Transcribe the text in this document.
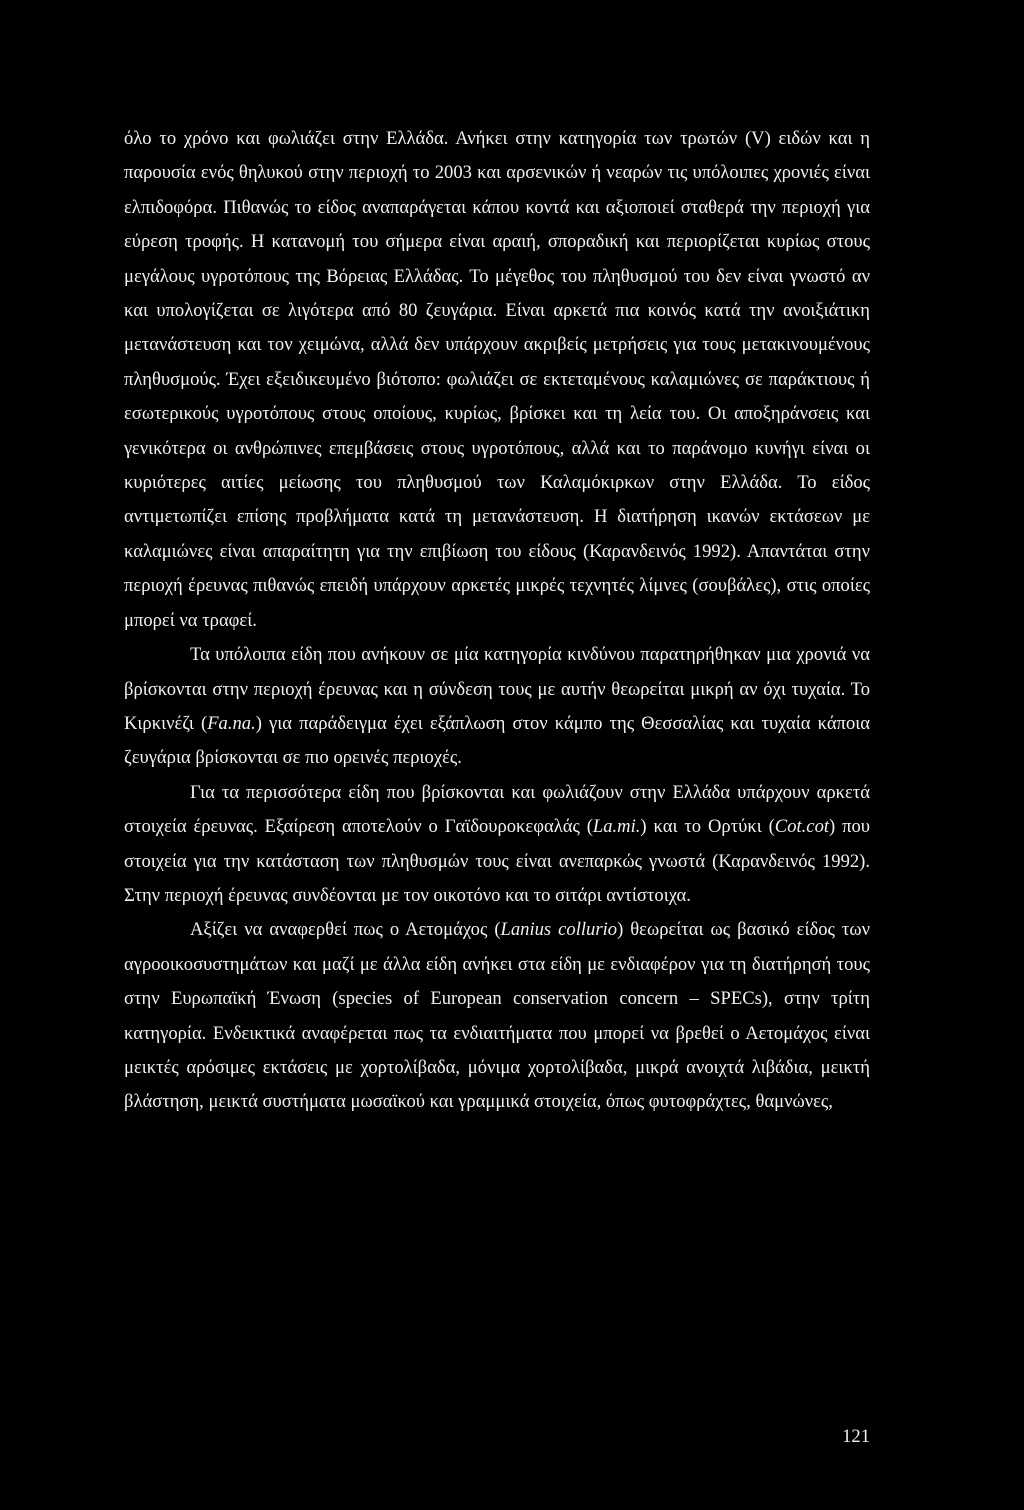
όλο το χρόνο και φωλιάζει στην Ελλάδα. Ανήκει στην κατηγορία των τρωτών (V) ειδών και η παρουσία ενός θηλυκού στην περιοχή το 2003 και αρσενικών ή νεαρών τις υπόλοιπες χρονιές είναι ελπιδοφόρα. Πιθανώς το είδος αναπαράγεται κάπου κοντά και αξιοποιεί σταθερά την περιοχή για εύρεση τροφής. Η κατανομή του σήμερα είναι αραιή, σποραδική και περιορίζεται κυρίως στους μεγάλους υγροτόπους της Βόρειας Ελλάδας. Το μέγεθος του πληθυσμού του δεν είναι γνωστό αν και υπολογίζεται σε λιγότερα από 80 ζευγάρια. Είναι αρκετά πια κοινός κατά την ανοιξιάτικη μετανάστευση και τον χειμώνα, αλλά δεν υπάρχουν ακριβείς μετρήσεις για τους μετακινουμένους πληθυσμούς. Έχει εξειδικευμένο βιότοπο: φωλιάζει σε εκτεταμένους καλαμιώνες σε παράκτιους ή εσωτερικούς υγροτόπους στους οποίους, κυρίως, βρίσκει και τη λεία του. Οι αποξηράνσεις και γενικότερα οι ανθρώπινες επεμβάσεις στους υγροτόπους, αλλά και το παράνομο κυνήγι είναι οι κυριότερες αιτίες μείωσης του πληθυσμού των Καλαμόκιρκων στην Ελλάδα. Το είδος αντιμετωπίζει επίσης προβλήματα κατά τη μετανάστευση. Η διατήρηση ικανών εκτάσεων με καλαμιώνες είναι απαραίτητη για την επιβίωση του είδους (Καρανδεινός 1992). Απαντάται στην περιοχή έρευνας πιθανώς επειδή υπάρχουν αρκετές μικρές τεχνητές λίμνες (σουβάλες), στις οποίες μπορεί να τραφεί.

Τα υπόλοιπα είδη που ανήκουν σε μία κατηγορία κινδύνου παρατηρήθηκαν μια χρονιά να βρίσκονται στην περιοχή έρευνας και η σύνδεση τους με αυτήν θεωρείται μικρή αν όχι τυχαία. Το Κιρκινέζι (Fa.na.) για παράδειγμα έχει εξάπλωση στον κάμπο της Θεσσαλίας και τυχαία κάποια ζευγάρια βρίσκονται σε πιο ορεινές περιοχές.

Για τα περισσότερα είδη που βρίσκονται και φωλιάζουν στην Ελλάδα υπάρχουν αρκετά στοιχεία έρευνας. Εξαίρεση αποτελούν ο Γαϊδουροκεφαλάς (La.mi.) και το Ορτύκι (Cot.cot) που στοιχεία για την κατάσταση των πληθυσμών τους είναι ανεπαρκώς γνωστά (Καρανδεινός 1992). Στην περιοχή έρευνας συνδέονται με τον οικοτόνο και το σιτάρι αντίστοιχα.

Αξίζει να αναφερθεί πως ο Αετομάχος (Lanius collurio) θεωρείται ως βασικό είδος των αγροοικοσυστημάτων και μαζί με άλλα είδη ανήκει στα είδη με ενδιαφέρον για τη διατήρησή τους στην Ευρωπαϊκή Ένωση (species of European conservation concern – SPECs), στην τρίτη κατηγορία. Ενδεικτικά αναφέρεται πως τα ενδιαιτήματα που μπορεί να βρεθεί ο Αετομάχος είναι μεικτές αρόσιμες εκτάσεις με χορτολίβαδα, μόνιμα χορτολίβαδα, μικρά ανοιχτά λιβάδια, μεικτή βλάστηση, μεικτά συστήματα μωσαϊκού και γραμμικά στοιχεία, όπως φυτοφράχτες, θαμνώνες,

121
